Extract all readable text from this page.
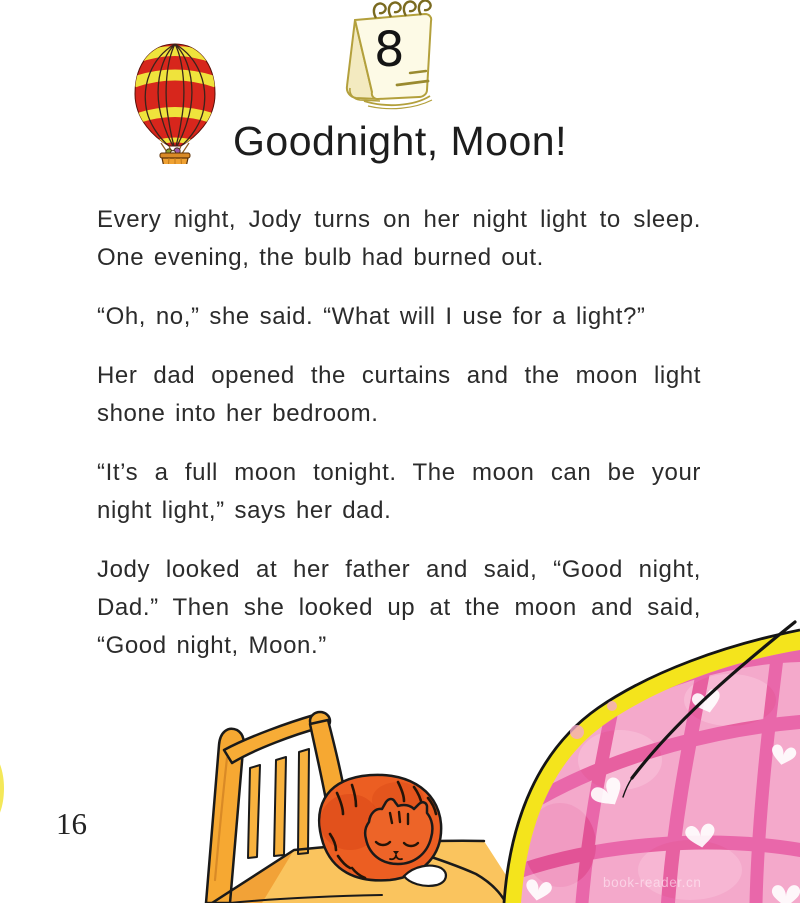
8
Goodnight, Moon!

Every night, Jody turns on her night light to sleep. One evening, the bulb had burned out.

“Oh, no,” she said. “What will I use for a light?”

Her dad opened the curtains and the moon light shone into her bedroom.

“It’s a full moon tonight. The moon can be your night light,” says her dad.

Jody looked at her father and said, “Good night, Dad.” Then she looked up at the moon and said, “Good night, Moon.”

16
book-reader.cn
